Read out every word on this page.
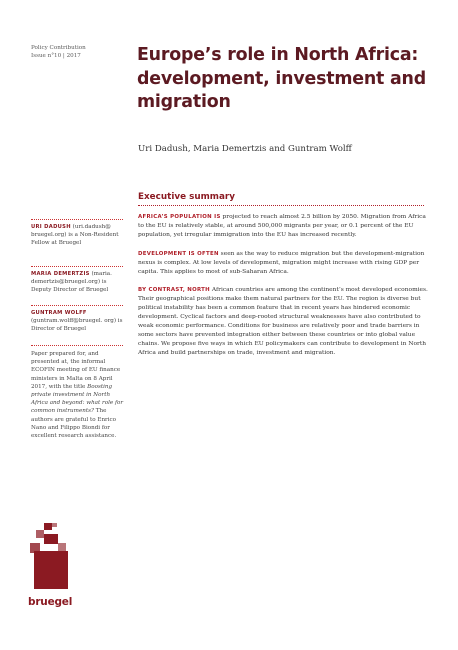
Policy Contribution
Issue n°10 | 2017	Europe’s role in North Africa: development, investment and migration
Uri Dadush, Maria Demertzis and Guntram Wolff
Executive summary
URI DADUSH (uri.dadush@ bruegel.org) is a Non-Resident Fellow at Bruegel
MARIA DEMERTZIS (maria. demertzis@bruegel.org) is Deputy Director of Bruegel
GUNTRAM WOLFF (guntram.wolff@bruegel. org) is Director of Bruegel
Paper prepared for, and presented at, the informal ECOFIN meeting of EU finance ministers in Malta on 8 April 2017, with the title Boosting private investment in North Africa and beyond: what role for common instruments? The authors are grateful to Enrico Nano and Filippo Biondi for excellent research assistance.

AFRICA’S POPULATION IS projected to reach almost 2.5 billion by 2050. Migration from Africa to the EU is relatively stable, at around 500,000 migrants per year, or 0.1 percent of the EU population, yet irregular immigration into the EU has increased recently.

DEVELOPMENT IS OFTEN seen as the way to reduce migration but the development-migration nexus is complex. At low levels of development, migration might increase with rising GDP per capita. This applies to most of sub-Saharan Africa.

BY CONTRAST, NORTH African countries are among the continent’s most developed economies. Their geographical positions make them natural partners for the EU. The region is diverse but political instability has been a common feature that in recent years has hindered economic development. Cyclical factors and deep-rooted structural weaknesses have also contributed to weak economic performance. Conditions for business are relatively poor and trade barriers in some sectors have prevented integration either between these countries or into global value chains. We propose five ways in which EU policymakers can contribute to development in North Africa and build partnerships on trade, investment and migration.

bruegel
